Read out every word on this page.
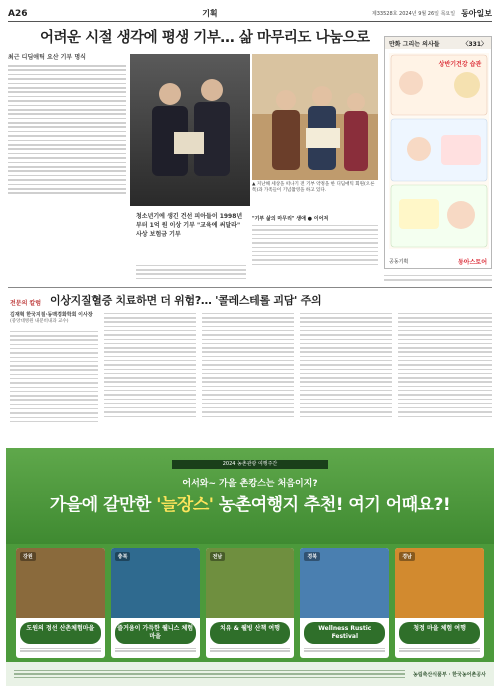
A26	기획	제33528호 2024년 9월 26일 목요일 동아일보
어려운 시절 생각에 평생 기부… 삶 마무리도 나눔으로
최근 디딤애틱 요산 기부 명식
▲ 지난해 세상을 떠나기 전 기부 약정을 한 디딤애틱 회원(오른쪽)과 가족들이 기념촬영을 하고 있다.
청소년기에 생긴 건선 피아들이 1998년부터 1억 원 이상 기부 "교육에 써달라" 사상 보험금 기부
"기부 삶의 마무리" 생애 ● 이어져
만화 그리는 의사들	〈331〉
상반기건강 습관
공동기획	동아스토어
전문의 칼럼 이상지질혈증 치료하면 더 위험?… '콜레스테롤 괴담' 주의
김재혁 한국지질·동맥경화학회 이사장
(중앙대병원 내분비내과 교수)
2024 농촌관광 여행주간
어서와~ 가을 촌캉스는 처음이지?
가을에 갈만한 '늘장스' 농촌여행지 추천! 여기 어때요?!
강원
도원의 정선 산촌체험마을
충북
즐거움이 가득한 웰니스 체험마을
전남
치유 & 웰빙 산책 여행
경북
Wellness Rustic Festival
경남
청정 마을 체험 여행
농림축산식품부 · 한국농어촌공사
